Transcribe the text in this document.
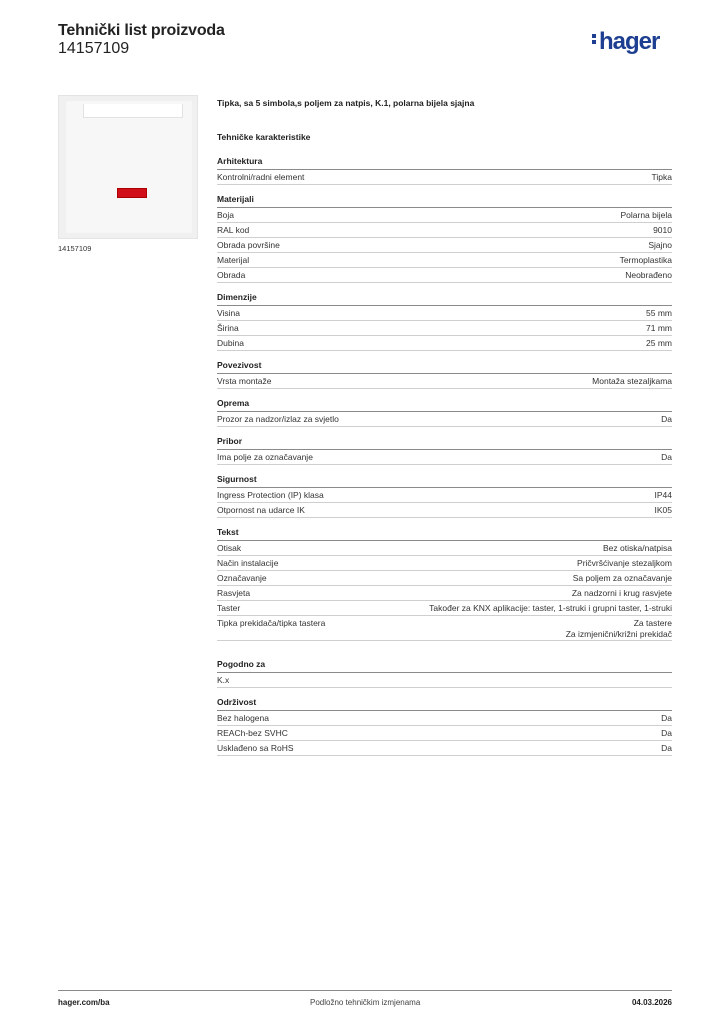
Tehnički list proizvoda
14157109	hager
14157109
Tipka, sa 5 simbola,s poljem za natpis, K.1, polarna bijela sjajna
Tehničke karakteristike
Arhitektura
Kontrolni/radni element	Tipka
Materijali
Boja	Polarna bijela
RAL kod	9010
Obrada površine	Sjajno
Materijal	Termoplastika
Obrada	Neobrađeno
Dimenzije
Visina	55 mm
Širina	71 mm
Dubina	25 mm
Povezivost
Vrsta montaže	Montaža stezaljkama
Oprema
Prozor za nadzor/izlaz za svjetlo	Da
Pribor
Ima polje za označavanje	Da
Sigurnost
Ingress Protection (IP) klasa	IP44
Otpornost na udarce IK	IK05
Tekst
Otisak	Bez otiska/natpisa
Način instalacije	Pričvršćivanje stezaljkom
Označavanje	Sa poljem za označavanje
Rasvjeta	Za nadzorni i krug rasvjete
Taster	Također za KNX aplikacije: taster, 1-struki i grupni taster, 1-struki
Tipka prekidača/tipka tastera	Za tastere
Za izmjenični/križni prekidač
Pogodno za
K.x
Održivost
Bez halogena	Da
REACh-bez SVHC	Da
Usklađeno sa RoHS	Da
hager.com/ba	Podložno tehničkim izmjenama	04.03.2026
